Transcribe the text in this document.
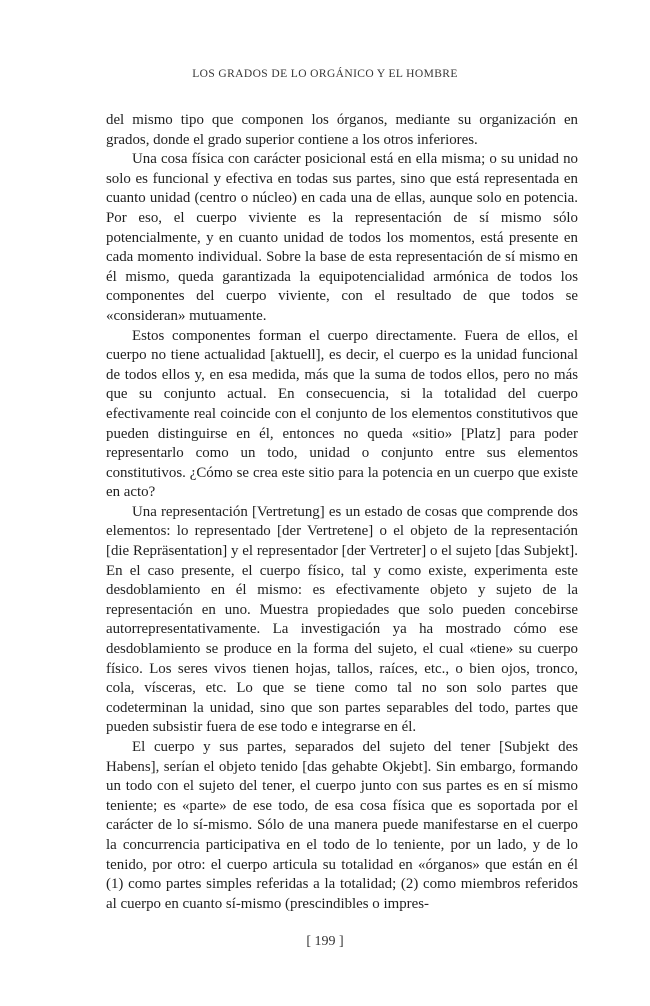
LOS GRADOS DE LO ORGÁNICO Y EL HOMBRE

del mismo tipo que componen los órganos, mediante su organización en grados, donde el grado superior contiene a los otros inferiores.

Una cosa física con carácter posicional está en ella misma; o su unidad no solo es funcional y efectiva en todas sus partes, sino que está representada en cuanto unidad (centro o núcleo) en cada una de ellas, aunque solo en potencia. Por eso, el cuerpo viviente es la representación de sí mismo sólo potencialmente, y en cuanto unidad de todos los momentos, está presente en cada momento individual. Sobre la base de esta representación de sí mismo en él mismo, queda garantizada la equipotencialidad armónica de todos los componentes del cuerpo viviente, con el resultado de que todos se «consideran» mutuamente.

Estos componentes forman el cuerpo directamente. Fuera de ellos, el cuerpo no tiene actualidad [aktuell], es decir, el cuerpo es la unidad funcional de todos ellos y, en esa medida, más que la suma de todos ellos, pero no más que su conjunto actual. En consecuencia, si la totalidad del cuerpo efectivamente real coincide con el conjunto de los elementos constitutivos que pueden distinguirse en él, entonces no queda «sitio» [Platz] para poder representarlo como un todo, unidad o conjunto entre sus elementos constitutivos. ¿Cómo se crea este sitio para la potencia en un cuerpo que existe en acto?

Una representación [Vertretung] es un estado de cosas que comprende dos elementos: lo representado [der Vertretene] o el objeto de la representación [die Repräsentation] y el representador [der Vertreter] o el sujeto [das Subjekt]. En el caso presente, el cuerpo físico, tal y como existe, experimenta este desdoblamiento en él mismo: es efectivamente objeto y sujeto de la representación en uno. Muestra propiedades que solo pueden concebirse autorrepresentativamente. La investigación ya ha mostrado cómo ese desdoblamiento se produce en la forma del sujeto, el cual «tiene» su cuerpo físico. Los seres vivos tienen hojas, tallos, raíces, etc., o bien ojos, tronco, cola, vísceras, etc. Lo que se tiene como tal no son solo partes que codeterminan la unidad, sino que son partes separables del todo, partes que pueden subsistir fuera de ese todo e integrarse en él.

El cuerpo y sus partes, separados del sujeto del tener [Subjekt des Habens], serían el objeto tenido [das gehabte Okjebt]. Sin embargo, formando un todo con el sujeto del tener, el cuerpo junto con sus partes es en sí mismo teniente; es «parte» de ese todo, de esa cosa física que es soportada por el carácter de lo sí-mismo. Sólo de una manera puede manifestarse en el cuerpo la concurrencia participativa en el todo de lo teniente, por un lado, y de lo tenido, por otro: el cuerpo articula su totalidad en «órganos» que están en él (1) como partes simples referidas a la totalidad; (2) como miembros referidos al cuerpo en cuanto sí-mismo (prescindibles o impres-

[ 199 ]
